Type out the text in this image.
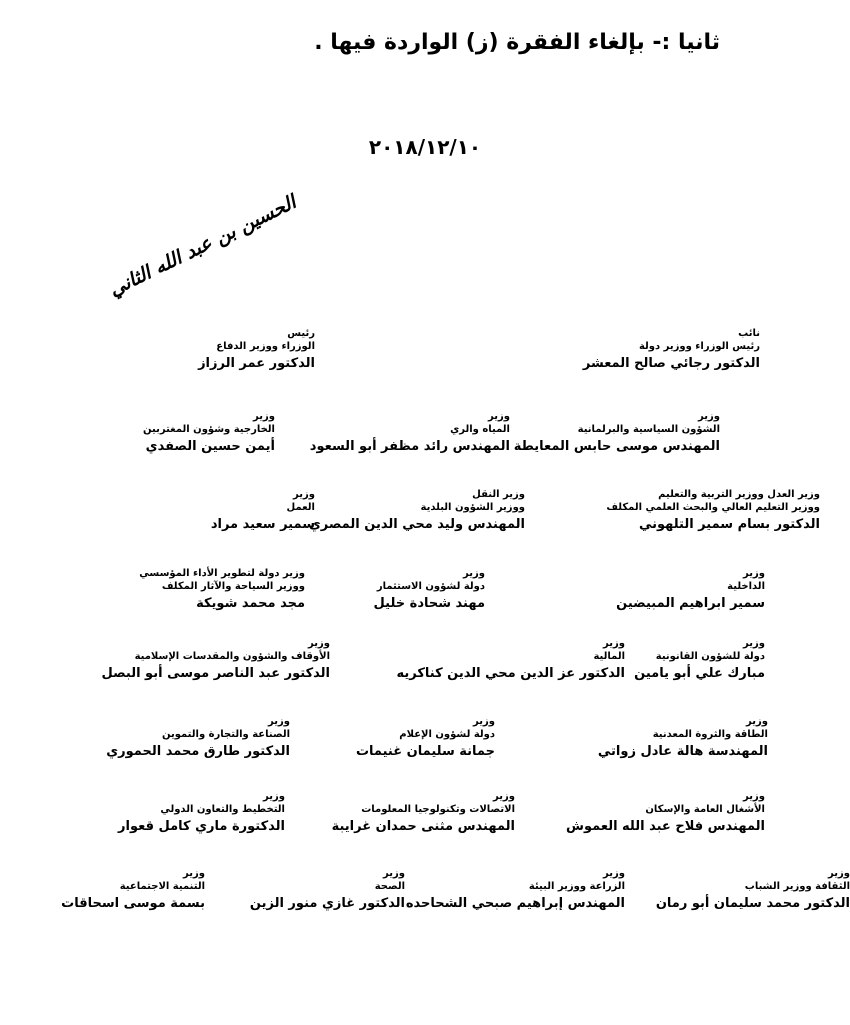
ثانيا :- بإلغاء الفقرة (ز) الواردة فيها .
٢٠١٨/١٢/١٠
الحسين بن عبد الله الثاني
نائب
رئيس الوزراء ووزير دولة
الدكتور رجائي صالح المعشر
رئيس
الوزراء ووزير الدفاع
الدكتور عمر الرزاز
وزير
الشؤون السياسية والبرلمانية
المهندس موسى حابس المعايطة
وزير
المياه والري
المهندس رائد مظفر أبو السعود
وزير
الخارجية وشؤون المغتربين
أيمن حسين الصفدي
وزير العدل ووزير التربية والتعليم
ووزير التعليم العالي والبحث العلمي المكلف
الدكتور بسام سمير التلهوني
وزير النقل
ووزير الشؤون البلدية
المهندس وليد محي الدين المصري
وزير
العمل
سمير سعيد مراد
وزير
الداخلية
سمير ابراهيم المبيضين
وزير
دولة لشؤون الاستثمار
مهند شحادة خليل
وزير دولة لتطوير الأداء المؤسسي
ووزير السياحة والآثار المكلف
مجد محمد شويكة
وزير
دولة للشؤون القانونية
مبارك علي أبو يامين
وزير
المالية
الدكتور عز الدين محي الدين كناكريه
وزير
الأوقاف والشؤون والمقدسات الإسلامية
الدكتور عبد الناصر موسى أبو البصل
وزير
الطاقة والثروة المعدنية
المهندسة هالة عادل زواتي
وزير
دولة لشؤون الإعلام
جمانة سليمان غنيمات
وزير
الصناعة والتجارة والتموين
الدكتور طارق محمد الحموري
وزير
الأشغال العامة والإسكان
المهندس فلاح عبد الله العموش
وزير
الاتصالات وتكنولوجيا المعلومات
المهندس مثنى حمدان غرايبة
وزير
التخطيط والتعاون الدولي
الدكتورة ماري كامل قعوار
وزير
الثقافة ووزير الشباب
الدكتور محمد سليمان أبو رمان
وزير
الزراعة ووزير البيئة
المهندس إبراهيم صبحي الشحاحده
وزير
الصحة
الدكتور غازي منور الزين
وزير
التنمية الاجتماعية
بسمة موسى اسحاقات
